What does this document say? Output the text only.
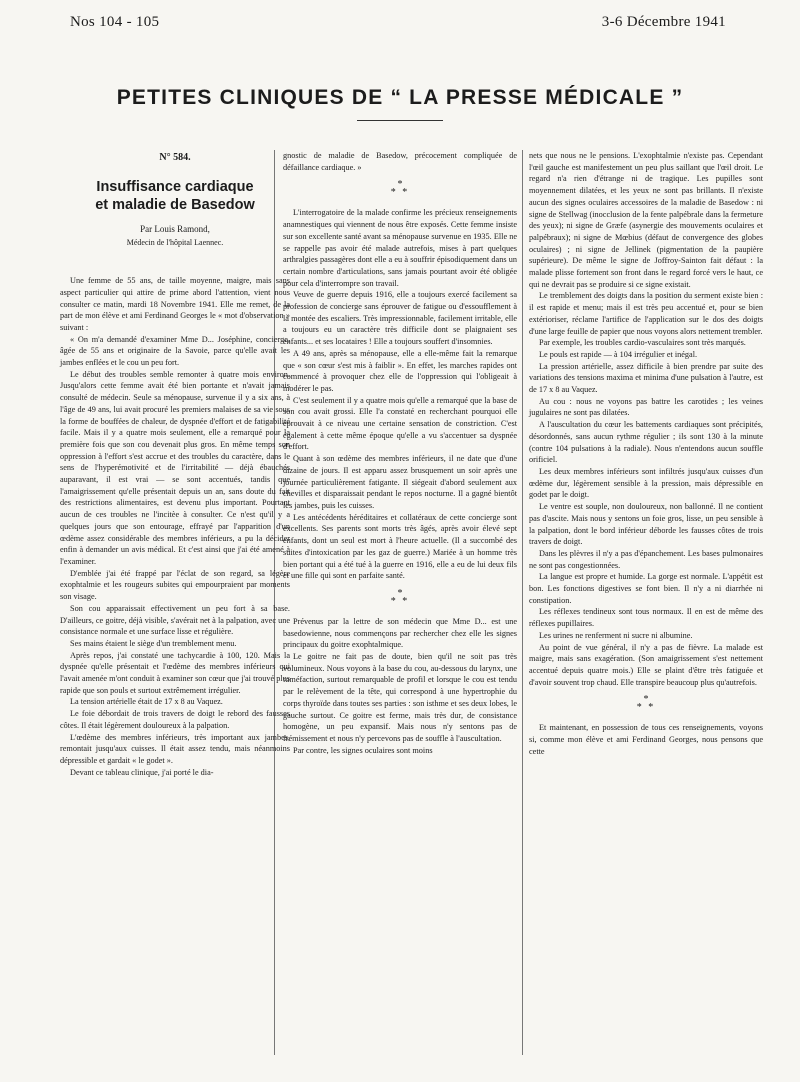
Nos 104 - 105	3-6 Décembre 1941
PETITES CLINIQUES DE “ LA PRESSE MÉDICALE ”
N° 584.
Insuffisance cardiaque
et maladie de Basedow
Par Louis Ramond,
Médecin de l'hôpital Laennec.

Une femme de 55 ans, de taille moyenne, maigre, mais sans aspect particulier qui attire de prime abord l'attention, vient nous consulter ce matin, mardi 18 Novembre 1941. Elle me remet, de la part de mon élève et ami Ferdinand Georges le « mot d'observation » suivant :

« On m'a demandé d'examiner Mme D... Joséphine, concierge, âgée de 55 ans et originaire de la Savoie, parce qu'elle avait les jambes enflées et le cou un peu fort.

Le début des troubles semble remonter à quatre mois environ. Jusqu'alors cette femme avait été bien portante et n'avait jamais consulté de médecin. Seule sa ménopause, survenue il y a six ans, à l'âge de 49 ans, lui avait procuré les premiers malaises de sa vie sous la forme de bouffées de chaleur, de dyspnée d'effort et de fatigabilité facile. Mais il y a quatre mois seulement, elle a remarqué pour la première fois que son cou devenait plus gros. En même temps son oppression à l'effort s'est accrue et des troubles du caractère, dans le sens de l'hyperémotivité et de l'irritabilité — déjà ébauchés auparavant, il est vrai — se sont accentués, tandis que l'amaigrissement qu'elle présentait depuis un an, sans doute du fait des restrictions alimentaires, est devenu plus important. Pourtant aucun de ces troubles ne l'incitèe à consulter. Ce n'est qu'il y a quelques jours que son entourage, effrayé par l'apparition d'un œdème assez considérable des membres inférieurs, a pu la décider enfin à demander un avis médical. Et c'est ainsi que j'ai été amené à l'examiner.

D'emblée j'ai été frappé par l'éclat de son regard, sa légère exophtalmie et les rougeurs subites qui empourpraient par moments son visage.

Son cou apparaissait effectivement un peu fort à sa base. D'ailleurs, ce goitre, déjà visible, s'avérait net à la palpation, avec une consistance normale et une surface lisse et régulière.

Ses mains étaient le siège d'un tremblement menu.

Après repos, j'ai constaté une tachycardie à 100, 120. Mais la dyspnée qu'elle présentait et l'œdème des membres inférieurs qui l'avait amenée m'ont conduit à examiner son cœur que j'ai trouvé plus rapide que son pouls et surtout extrêmement irrégulier.

La tension artérielle était de 17 x 8 au Vaquez.

Le foie débordait de trois travers de doigt le rebord des fausses côtes. Il était légèrement douloureux à la palpation.

L'œdème des membres inférieurs, très important aux jambes, remontait jusqu'aux cuisses. Il était assez tendu, mais néanmoins dépressible et gardait « le godet ».

Devant ce tableau clinique, j'ai porté le dia-

gnostic de maladie de Basedow, précocement compliquée de défaillance cardiaque. »

*
* *

L'interrogatoire de la malade confirme les précieux renseignements anamnestiques qui viennent de nous être exposés. Cette femme insiste sur son excellente santé avant sa ménopause survenue en 1935. Elle ne se rappelle pas avoir été malade autrefois, mises à part quelques arthralgies passagères dont elle a eu à souffrir épisodiquement dans un certain nombre d'articulations, sans jamais pourtant avoir été obligée pour cela d'interrompre son travail.

Veuve de guerre depuis 1916, elle a toujours exercé facilement sa profession de concierge sans éprouver de fatigue ou d'essoufflement à la montée des escaliers. Très impressionnable, facilement irritable, elle a toujours eu un caractère très difficile dont se plaignaient ses enfants... et ses locataires ! Elle a toujours souffert d'insomnies.

A 49 ans, après sa ménopause, elle a elle-même fait la remarque que « son cœur s'est mis à faiblir ». En effet, les marches rapides ont commencé à provoquer chez elle de l'oppression qui l'obligeait à modérer le pas.

C'est seulement il y a quatre mois qu'elle a remarqué que la base de son cou avait grossi. Elle l'a constaté en recherchant pourquoi elle éprouvait à ce niveau une certaine sensation de constriction. C'est également à cette même époque qu'elle a vu s'accentuer sa dyspnée d'effort.

Quant à son œdème des membres inférieurs, il ne date que d'une dizaine de jours. Il est apparu assez brusquement un soir après une journée particulièrement fatigante. Il siégeait d'abord seulement aux chevilles et disparaissait pendant le repos nocturne. Il a gagné bientôt les jambes, puis les cuisses.

Les antécédents héréditaires et collatéraux de cette concierge sont excellents. Ses parents sont morts très âgés, après avoir élevé sept enfants, dont un seul est mort à l'heure actuelle. (Il a succombé des suites d'intoxication par les gaz de guerre.) Mariée à un homme très bien portant qui a été tué à la guerre en 1916, elle a eu de lui deux fils et une fille qui sont en parfaite santé.

*
* *

Prévenus par la lettre de son médecin que Mme D... est une basedowienne, nous commençons par rechercher chez elle les signes principaux du goitre exophtalmique.

Le goitre ne fait pas de doute, bien qu'il ne soit pas très volumineux. Nous voyons à la base du cou, au-dessous du larynx, une tuméfaction, surtout remarquable de profil et lorsque le cou est tendu par le relèvement de la tête, qui correspond à une hypertrophie du corps thyroïde dans toutes ses parties : son isthme et ses deux lobes, le gauche surtout. Ce goitre est ferme, mais très dur, de consistance homogène, un peu expansif. Mais nous n'y sentons pas de frémissement et nous n'y percevons pas de souffle à l'auscultation.

Par contre, les signes oculaires sont moins

nets que nous ne le pensions. L'exophtalmie n'existe pas. Cependant l'œil gauche est manifestement un peu plus saillant que l'œil droit. Le regard n'a rien d'étrange ni de tragique. Les pupilles sont moyennement dilatées, et les yeux ne sont pas brillants. Il n'existe aucun des signes oculaires accessoires de la maladie de Basedow : ni signe de Stellwag (inocclusion de la fente palpébrale dans la fermeture des yeux); ni signe de Græfe (asynergie des mouvements oculaires et palpébraux); ni signe de Mœbius (défaut de convergence des globes oculaires) ; ni signe de Jellinek (pigmentation de la paupière supérieure). De même le signe de Joffroy-Sainton fait défaut : la malade plisse fortement son front dans le regard forcé vers le haut, ce qui ne devrait pas se produire si ce signe existait.

Le tremblement des doigts dans la position du serment existe bien : il est rapide et menu; mais il est très peu accentué et, pour se bien extérioriser, réclame l'artifice de l'application sur le dos des doigts d'une large feuille de papier que nous voyons alors nettement trembler.

Par exemple, les troubles cardio-vasculaires sont très marqués.

Le pouls est rapide — à 104 irrégulier et inégal.

La pression artérielle, assez difficile à bien prendre par suite des variations des tensions maxima et minima d'une pulsation à l'autre, est de 17 x 8 au Vaquez.

Au cou : nous ne voyons pas battre les carotides ; les veines jugulaires ne sont pas dilatées.

A l'auscultation du cœur les battements cardiaques sont précipités, désordonnés, sans aucun rythme régulier ; ils sont 130 à la minute (contre 104 pulsations à la radiale). Nous n'entendons aucun souffle orificiel.

Les deux membres inférieurs sont infiltrés jusqu'aux cuisses d'un œdème dur, légèrement sensible à la pression, mais dépressible en godet par le doigt.

Le ventre est souple, non douloureux, non ballonné. Il ne contient pas d'ascite. Mais nous y sentons un foie gros, lisse, un peu sensible à la palpation, dont le bord inférieur déborde les fausses côtes de trois travers de doigt.

Dans les plèvres il n'y a pas d'épanchement. Les bases pulmonaires ne sont pas congestionnées.

La langue est propre et humide. La gorge est normale. L'appétit est bon. Les fonctions digestives se font bien. Il n'y a ni diarrhée ni constipation.

Les réflexes tendineux sont tous normaux. Il en est de même des réflexes pupillaires.

Les urines ne renferment ni sucre ni albumine.

Au point de vue général, il n'y a pas de fièvre. La malade est maigre, mais sans exagération. (Son amaigrissement s'est nettement accentué depuis quatre mois.) Elle se plaint d'être très fatiguée et d'avoir souvent trop chaud. Elle transpire beaucoup plus qu'autrefois.

*
* *

Et maintenant, en possession de tous ces renseignements, voyons si, comme mon élève et ami Ferdinand Georges, nous pensons que cette
